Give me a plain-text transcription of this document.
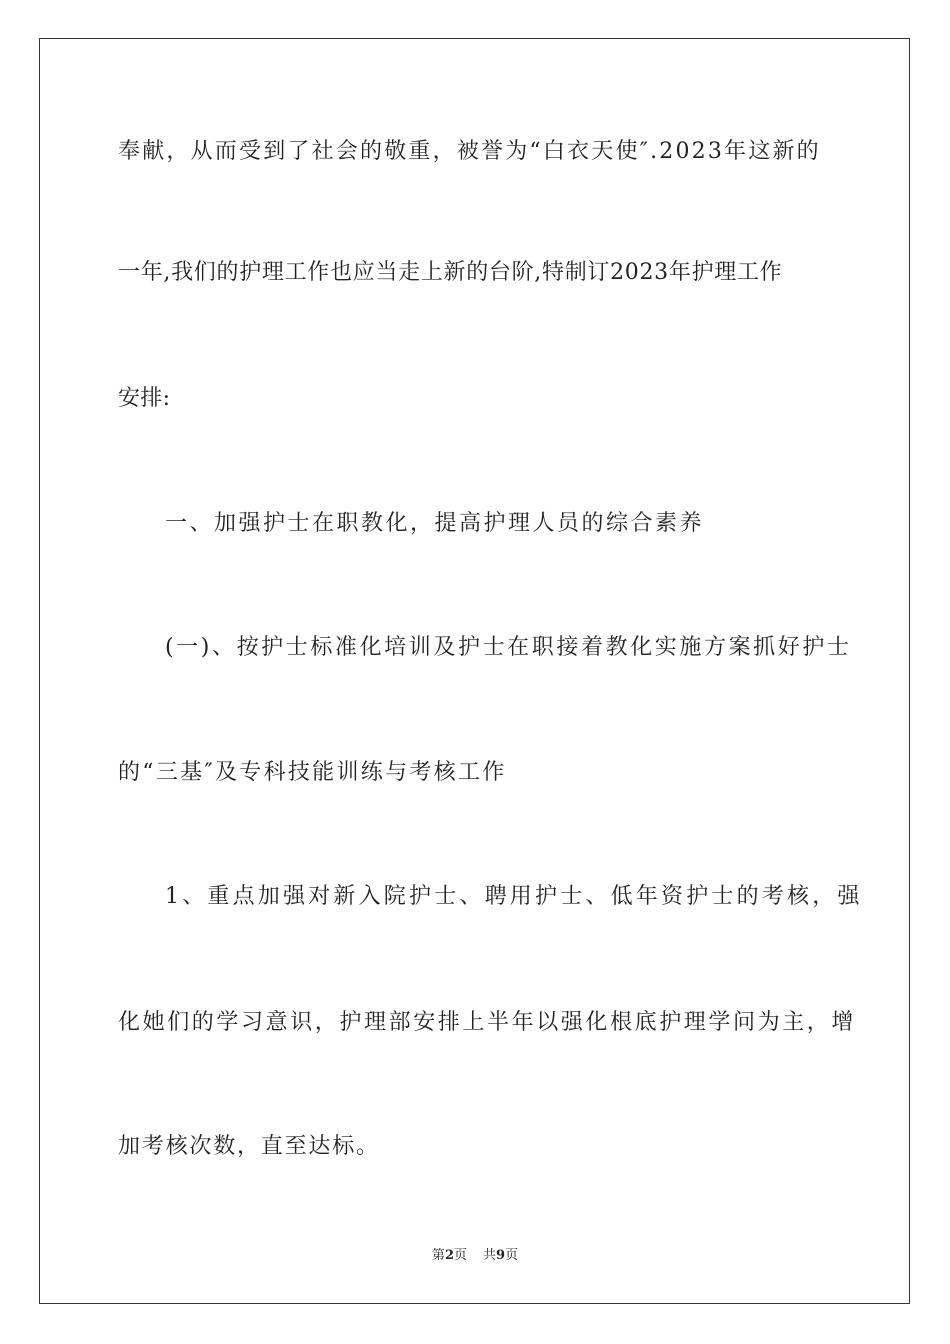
奉献，从而受到了社会的敬重，被誉为“白衣天使″.2023年这新的
一年,我们的护理工作也应当走上新的台阶,特制订2023年护理工作
安排:
一、加强护士在职教化，提高护理人员的综合素养
(一)、按护士标准化培训及护士在职接着教化实施方案抓好护士
的“三基″及专科技能训练与考核工作
1、重点加强对新入院护士、聘用护士、低年资护士的考核，强
化她们的学习意识，护理部安排上半年以强化根底护理学问为主，增
加考核次数，直至达标。
第2页 共9页
